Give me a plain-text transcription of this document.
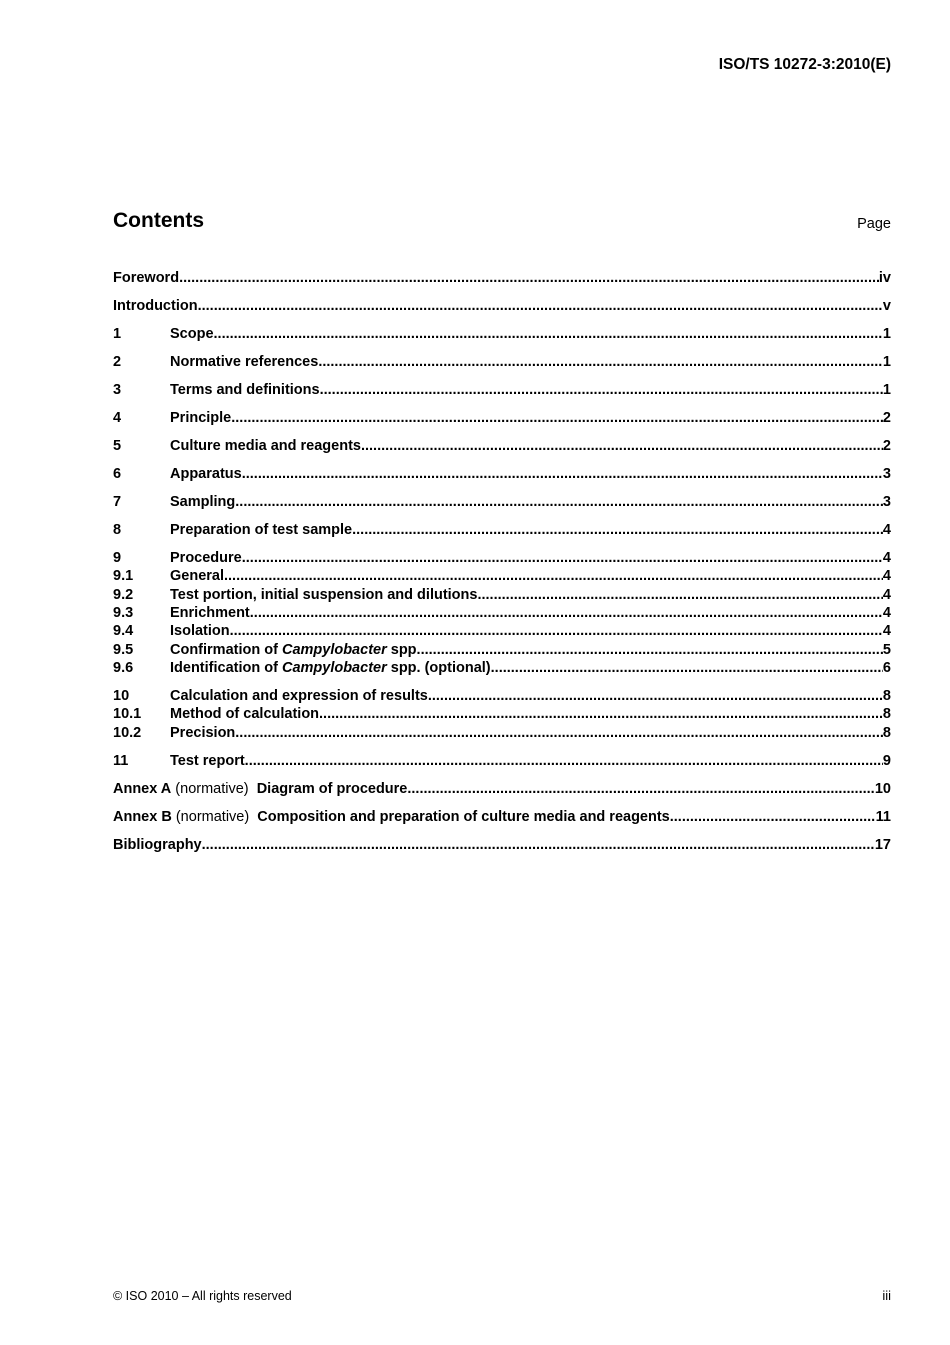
ISO/TS 10272-3:2010(E)
Contents	Page
Foreword .....	iv
Introduction .....	v
1	Scope .....	1
2	Normative references .....	1
3	Terms and definitions .....	1
4	Principle .....	2
5	Culture media and reagents .....	2
6	Apparatus .....	3
7	Sampling .....	3
8	Preparation of test sample .....	4
9	Procedure .....	4
9.1	General .....	4
9.2	Test portion, initial suspension and dilutions .....	4
9.3	Enrichment .....	4
9.4	Isolation .....	4
9.5	Confirmation of Campylobacter spp. .....	5
9.6	Identification of Campylobacter spp. (optional) .....	6
10	Calculation and expression of results .....	8
10.1	Method of calculation .....	8
10.2	Precision .....	8
11	Test report .....	9
Annex A (normative)  Diagram of procedure .....	10
Annex B (normative)  Composition and preparation of culture media and reagents .....	11
Bibliography .....	17
© ISO 2010 – All rights reserved	iii
